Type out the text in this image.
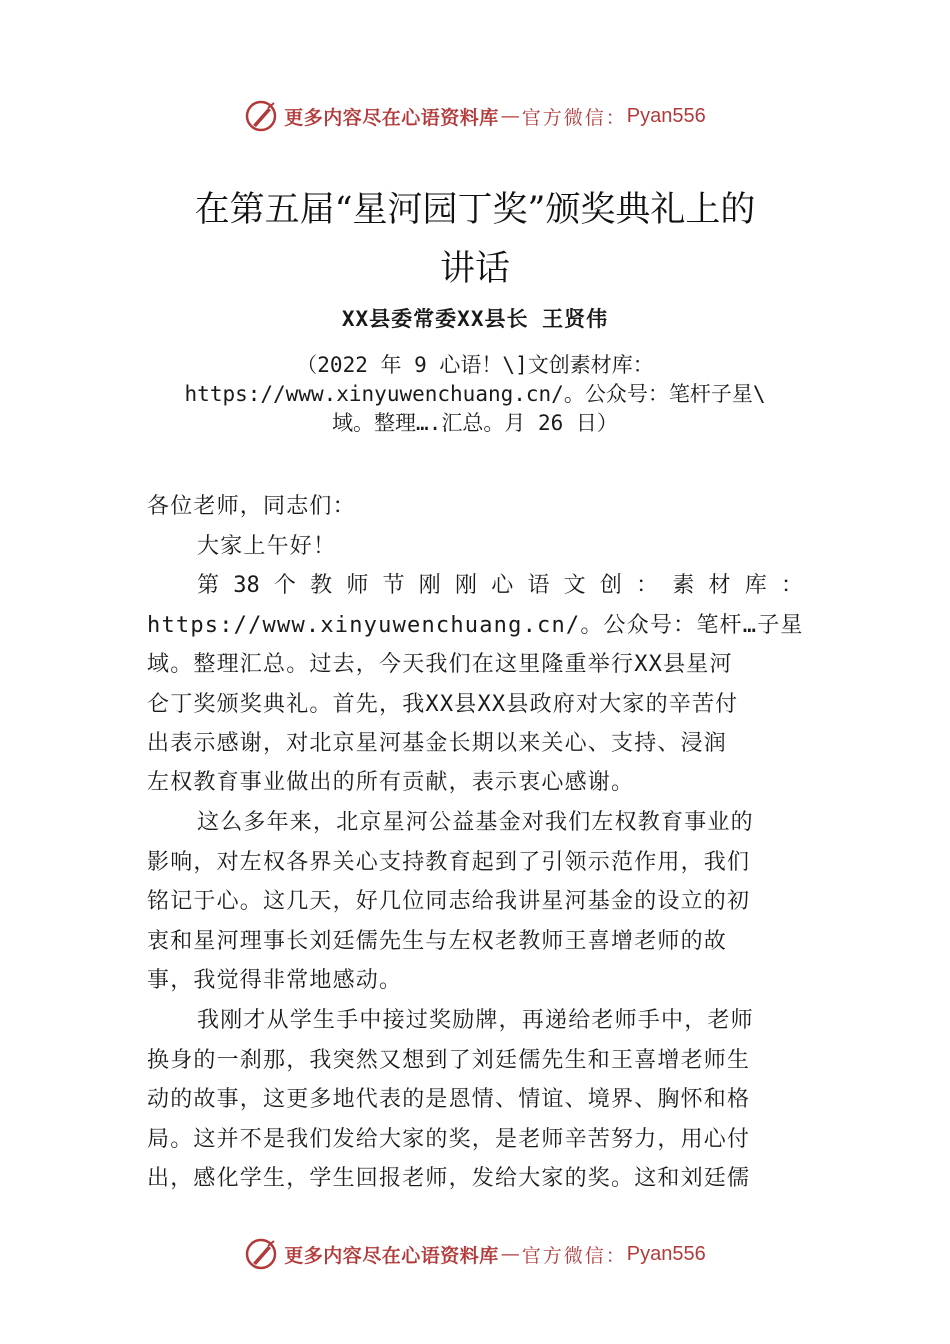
更多内容尽在心语资料库 — 官方微信： Pyan556
在第五届“星河园丁奖”颁奖典礼上的
讲话
XX县委常委XX县长 王贤伟
（2022 年 9 心语！\]文创素材库：
https://www.xinyuwenchuang.cn/。公众号：笔杆子星\
域。整理….汇总。月 26 日）
各位老师，同志们：
大家上午好！
第 38 个 教 师 节 刚 刚 心 语 文 创 ： 素 材 库 ：
https://www.xinyuwenchuang.cn/。公众号：笔杆…子星
域。整理汇总。过去，今天我们在这里隆重举行XX县星河
仑丁奖颁奖典礼。首先，我XX县XX县政府对大家的辛苦付
出表示感谢，对北京星河基金长期以来关心、支持、浸润
左权教育事业做出的所有贡献，表示衷心感谢。
这么多年来，北京星河公益基金对我们左权教育事业的
影响，对左权各界关心支持教育起到了引领示范作用，我们
铭记于心。这几天，好几位同志给我讲星河基金的设立的初
衷和星河理事长刘廷儒先生与左权老教师王喜增老师的故
事，我觉得非常地感动。
我刚才从学生手中接过奖励牌，再递给老师手中，老师
换身的一刹那，我突然又想到了刘廷儒先生和王喜增老师生
动的故事，这更多地代表的是恩情、情谊、境界、胸怀和格
局。这并不是我们发给大家的奖，是老师辛苦努力，用心付
出，感化学生，学生回报老师，发给大家的奖。这和刘廷儒
更多内容尽在心语资料库 — 官方微信： Pyan556
